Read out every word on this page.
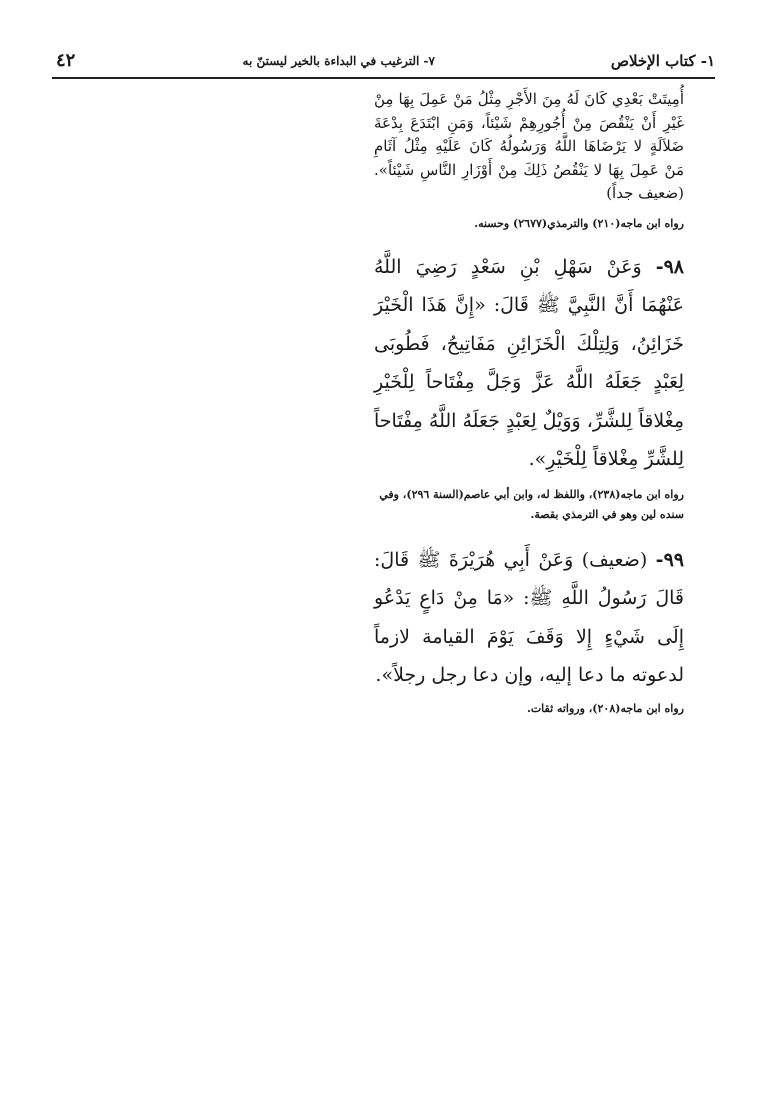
١- كتاب الإخلاص
٧- الترغيب في البداءة بالخير ليستنّ به
٤٢

أُمِيتَتْ بَعْدِي كَانَ لَهُ مِنَ الأَجْرِ مِثْلُ مَنْ عَمِلَ بِهَا مِنْ غَيْرِ أَنْ يَنْقُصَ مِنْ أُجُورِهِمْ شَيْئاً، وَمَنِ ابْتَدَعَ بِدْعَةَ ضَلاَلَةٍ لا يَرْضَاهَا اللَّهُ وَرَسُولُهُ كَانَ عَلَيْهِ مِثْلُ آثَامِ مَنْ عَمِلَ بِهَا لا يَنْقُصُ ذَلِكَ مِنْ أَوْزَارِ النَّاسِ شَيْئاً». (ضعيف جداً)

رواه ابن ماجه(٢١٠) والترمذي(٢٦٧٧) وحسنه.

٩٨- وَعَنْ سَهْلِ بْنِ سَعْدٍ رَضِيَ اللَّهُ عَنْهُمَا أَنَّ النَّبِيَّ ﷺ قَالَ: «إِنَّ هَذَا الْخَيْرَ خَزَائِنُ، وَلِتِلْكَ الْخَزَائِنِ مَفَاتِيحُ، فَطُوبَى لِعَبْدٍ جَعَلَهُ اللَّهُ عَزَّ وَجَلَّ مِفْتَاحاً لِلْخَيْرِ مِغْلاقاً لِلشَّرِّ، وَوَيْلٌ لِعَبْدٍ جَعَلَهُ اللَّهُ مِفْتَاحاً لِلشَّرِّ مِغْلاقاً لِلْخَيْرِ».

رواه ابن ماجه(٢٣٨)، واللفظ له، وابن أبي عاصم(السنة ٢٩٦)، وفي سنده لين وهو في الترمذي بقصة.

٩٩- (ضعيف) وَعَنْ أَبِي هُرَيْرَةَ ﷺ قَالَ: قَالَ رَسُولُ اللَّهِ ﷺ: «مَا مِنْ دَاعٍ يَدْعُو إِلَى شَيْءٍ إِلا وَقَفَ يَوْمَ القيامة لازماً لدعوته ما دعا إليه، وإن دعا رجل رجلاً».

رواه ابن ماجه(٢٠٨)، ورواته ثقات.
